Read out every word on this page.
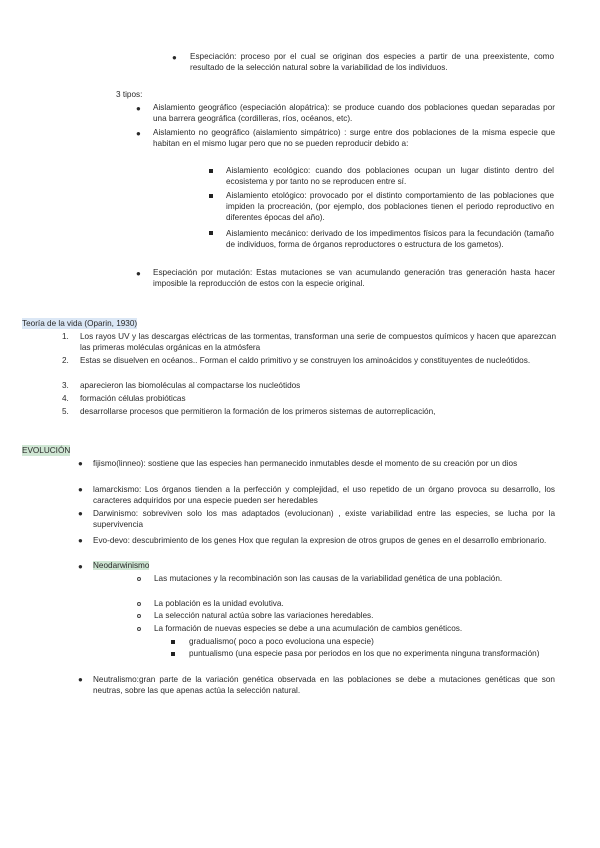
● Especiación: proceso por el cual se originan dos especies a partir de una preexistente, como resultado de la selección natural sobre la variabilidad de los individuos.
3 tipos:
● Aislamiento geográfico (especiación alopátrica): se produce cuando dos poblaciones quedan separadas por una barrera geográfica (cordilleras, ríos, océanos, etc).
● Aislamiento no geográfico (aislamiento simpátrico) : surge entre dos poblaciones de la misma especie que habitan en el mismo lugar pero que no se pueden reproducir debido a:
Aislamiento ecológico: cuando dos poblaciones ocupan un lugar distinto dentro del ecosistema y por tanto no se reproducen entre sí.
Aislamiento etológico: provocado por el distinto comportamiento de las poblaciones que impiden la procreación, (por ejemplo, dos poblaciones tienen el periodo reproductivo en diferentes épocas del año).
Aislamiento mecánico: derivado de los impedimentos físicos para la fecundación (tamaño de individuos, forma de órganos reproductores o estructura de los gametos).
● Especiación por mutación: Estas mutaciones se van acumulando generación tras generación hasta hacer imposible la reproducción de estos con la especie original.
Teoría de la vida (Oparin, 1930)
1.	Los rayos UV y las descargas eléctricas de las tormentas, transforman una serie de compuestos químicos y hacen que aparezcan las primeras moléculas orgánicas en la atmósfera
2.	Estas se disuelven en océanos.. Forman el caldo primitivo y se construyen los aminoácidos y constituyentes de nucleótidos.
3.	aparecieron las biomoléculas al compactarse los nucleótidos
4.	formación células probióticas
5.	desarrollarse procesos que permitieron la formación de los primeros sistemas de autorreplicación,
EVOLUCIÓN
● fijismo(linneo): sostiene que las especies han permanecido inmutables desde el momento de su creación por un dios
● lamarckismo: Los órganos tienden a la perfección y complejidad, el uso repetido de un órgano provoca su desarrollo, los caracteres adquiridos por una especie pueden ser heredables
● Darwinismo: sobreviven solo los mas adaptados (evolucionan) , existe variabilidad entre las especies, se lucha por la supervivencia
● Evo-devo: descubrimiento de los genes Hox que regulan la expresion de otros grupos de genes en el desarrollo embrionario.
● Neodarwinismo
Las mutaciones y la recombinación son las causas de la variabilidad genética de una población.
La población es la unidad evolutiva.
La selección natural actúa sobre las variaciones heredables.
La formación de nuevas especies se debe a una acumulación de cambios genéticos.
gradualismo( poco a poco evoluciona una especie)
puntualismo (una especie pasa por periodos en los que no experimenta ninguna transformación)
● Neutralismo:gran parte de la variación genética observada en las poblaciones se debe a mutaciones genéticas que son neutras, sobre las que apenas actúa la selección natural.
